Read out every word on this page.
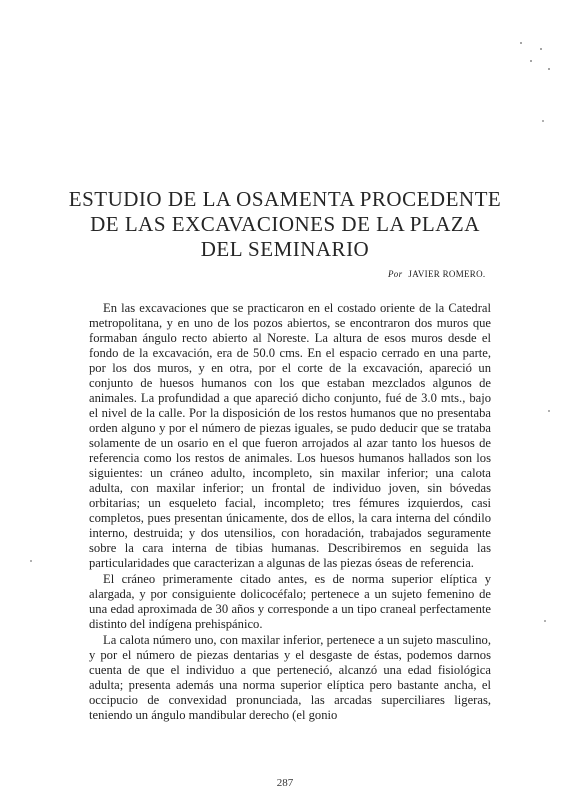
ESTUDIO DE LA OSAMENTA PROCEDENTE
DE LAS EXCAVACIONES DE LA PLAZA
DEL SEMINARIO
Por JAVIER ROMERO.

En las excavaciones que se practicaron en el costado oriente de la Catedral metropolitana, y en uno de los pozos abiertos, se encontraron dos muros que formaban ángulo recto abierto al Noreste. La altura de esos muros desde el fondo de la excavación, era de 50.0 cms. En el espacio cerrado en una parte, por los dos muros, y en otra, por el corte de la excavación, apareció un conjunto de huesos humanos con los que estaban mezclados algunos de animales. La profundidad a que apareció dicho conjunto, fué de 3.0 mts., bajo el nivel de la calle. Por la disposición de los restos humanos que no presentaba orden alguno y por el número de piezas iguales, se pudo deducir que se trataba solamente de un osario en el que fueron arrojados al azar tanto los huesos de referencia como los restos de animales. Los huesos humanos hallados son los siguientes: un cráneo adulto, incompleto, sin maxilar inferior; una calota adulta, con maxilar inferior; un frontal de individuo joven, sin bóvedas orbitarias; un esqueleto facial, incompleto; tres fémures izquierdos, casi completos, pues presentan únicamente, dos de ellos, la cara interna del cóndilo interno, destruida; y dos utensilios, con horadación, trabajados seguramente sobre la cara interna de tibias humanas. Describiremos en seguida las particularidades que caracterizan a algunas de las piezas óseas de referencia.

El cráneo primeramente citado antes, es de norma superior elíptica y alargada, y por consiguiente dolicocéfalo; pertenece a un sujeto femenino de una edad aproximada de 30 años y corresponde a un tipo craneal perfectamente distinto del indígena prehispánico.

La calota número uno, con maxilar inferior, pertenece a un sujeto masculino, y por el número de piezas dentarias y el desgaste de éstas, podemos darnos cuenta de que el individuo a que perteneció, alcanzó una edad fisiológica adulta; presenta además una norma superior elíptica pero bastante ancha, el occipucio de convexidad pronunciada, las arcadas superciliares ligeras, teniendo un ángulo mandibular derecho (el gonio

287
